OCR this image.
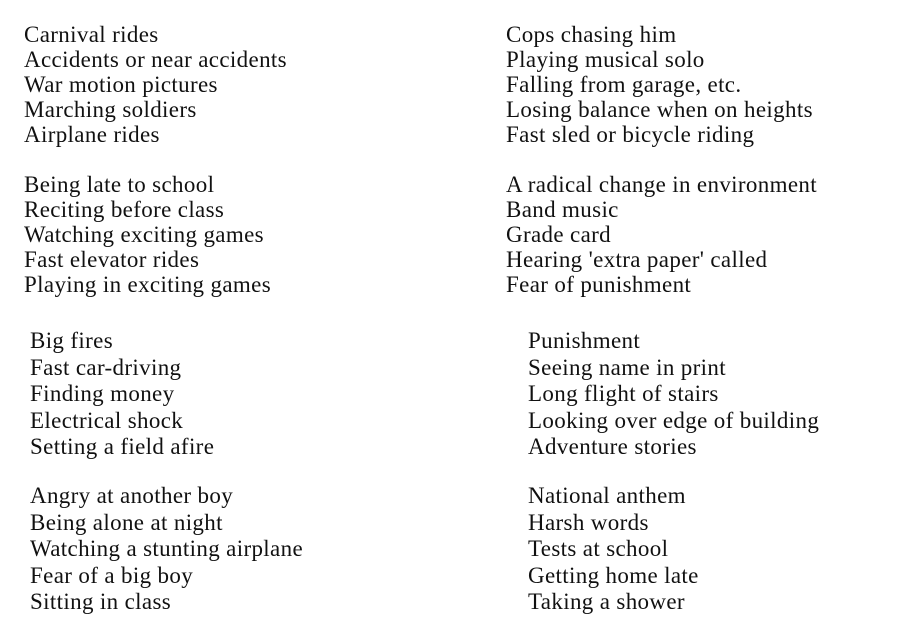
Carnival rides
Accidents or near accidents
War motion pictures
Marching soldiers
Airplane rides
Being late to school
Reciting before class
Watching exciting games
Fast elevator rides
Playing in exciting games
Big fires
Fast car-driving
Finding money
Electrical shock
Setting a field afire
Angry at another boy
Being alone at night
Watching a stunting airplane
Fear of a big boy
Sitting in class
Cops chasing him
Playing musical solo
Falling from garage, etc.
Losing balance when on heights
Fast sled or bicycle riding
A radical change in environment
Band music
Grade card
Hearing 'extra paper' called
Fear of punishment
Punishment
Seeing name in print
Long flight of stairs
Looking over edge of building
Adventure stories
National anthem
Harsh words
Tests at school
Getting home late
Taking a shower
